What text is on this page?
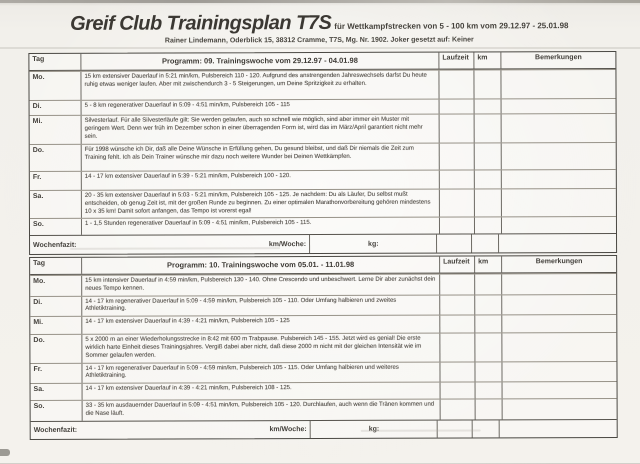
Greif Club Trainingsplan T7S für Wettkampfstrecken von 5 - 100 km vom 29.12.97 - 25.01.98
Rainer Lindemann, Oderblick 15, 38312 Cramme, T7S, Mg. Nr. 1902. Joker gesetzt auf: Keiner
Tag	Programm: 09. Trainingswoche vom 29.12.97 - 04.01.98	Laufzeit	km	Bemerkungen
Mo.	15 km extensiver Dauerlauf in 5:21 min/km, Pulsbereich 110 - 120. Aufgrund des anstrengenden Jahreswechsels darfst Du heute ruhig etwas weniger laufen. Aber mit zwischendurch 3 - 5 Steigerungen, um Deine Spritzigkeit zu erhalten.
Di.	5 - 8 km regenerativer Dauerlauf in 5:09 - 4:51 min/km, Pulsbereich 105 - 115
Mi.	Silvesterlauf. Für alle Silvesterläufe gilt: Sie werden gelaufen, auch so schnell wie möglich, sind aber immer ein Muster mit geringem Wert. Denn wer früh im Dezember schon in einer überragenden Form ist, wird das im März/April garantiert nicht mehr sein.
Do.	Für 1998 wünsche ich Dir, daß alle Deine Wünsche in Erfüllung gehen, Du gesund bleibst, und daß Dir niemals die Zeit zum Training fehlt. Ich als Dein Trainer wünsche mir dazu noch weitere Wunder bei Deinen Wettkämpfen.
Fr.	14 - 17 km extensiver Dauerlauf in 5:39 - 5:21 min/km, Pulsbereich 100 - 120.
Sa.	20 - 35 km extensiver Dauerlauf in 5:03 - 5:21 min/km, Pulsbereich 105 - 125. Je nachdem: Du als Läufer, Du selbst mußt entscheiden, ob genug Zeit ist, mit der großen Runde zu beginnen. Zu einer optimalen Marathonvorbereitung gehören mindestens 10 x 35 km! Damit sofort anfangen, das Tempo ist vorerst egal!
So.	1 - 1,5 Stunden regenerativer Dauerlauf in 5:09 - 4:51 min/km, Pulsbereich 105 - 115.
Wochenfazit:	km/Woche:	kg:
Tag	Programm: 10. Trainingswoche vom 05.01. - 11.01.98	Laufzeit	km	Bemerkungen
Mo.	15 km intensiver Dauerlauf in 4:59 min/km, Pulsbereich 130 - 140. Ohne Crescendo und unbeschwert. Lerne Dir aber zunächst dein neues Tempo kennen.
Di.	14 - 17 km regenerativer Dauerlauf in 5:09 - 4:59 min/km, Pulsbereich 105 - 110. Oder Umfang halbieren und zweites Athletiktraining.
Mi.	14 - 17 km extensiver Dauerlauf in 4:39 - 4:21 min/km, Pulsbereich 105 - 125
Do.	5 x 2000 m an einer Wiederholungsstrecke in 8:42 mit 600 m Trabpause. Pulsbereich 145 - 155. Jetzt wird es genial! Die erste wirklich harte Einheit dieses Trainingsjahres. Vergiß dabei aber nicht, daß diese 2000 m nicht mit der gleichen Intensität wie im Sommer gelaufen werden.
Fr.	14 - 17 km regenerativer Dauerlauf in 5:09 - 4:59 min/km, Pulsbereich 105 - 115. Oder Umfang halbieren und weiteres Athletiktraining.
Sa.	14 - 17 km extensiver Dauerlauf in 4:39 - 4:21 min/km, Pulsbereich 108 - 125.
So.	33 - 35 km ausdauernder Dauerlauf in 5:09 - 4:51 min/km, Pulsbereich 105 - 120. Durchlaufen, auch wenn die Tränen kommen und die Nase läuft.
Wochenfazit:	km/Woche:	kg:
